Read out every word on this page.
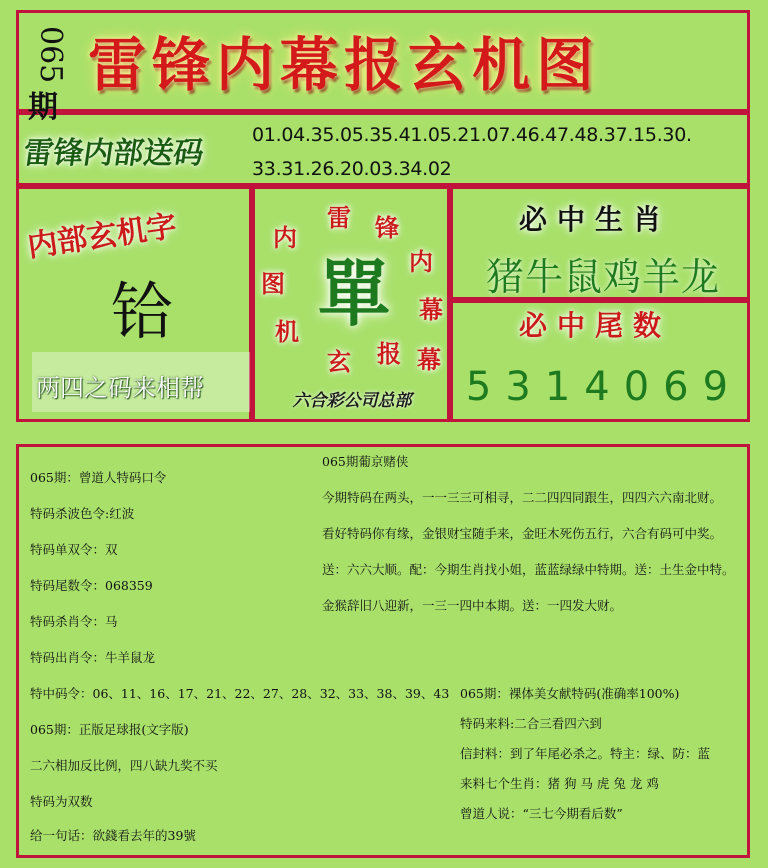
065
期
雷锋内幕报玄机图
雷锋内部送码
01.04.35.05.35.41.05.21.07.46.47.48.37.15.30.
33.31.26.20.03.34.02
内部玄机字
铪
两四之码来相帮
雷 锋
内
幕
报
玄
机
图
内
幕
單
六合彩公司总部
必中生肖
猪牛鼠鸡羊龙
必中尾数
5314069
065期：曾道人特码口令
特码杀波色令:红波
特码单双令：双
特码尾数令：068359
特码杀肖令：马
特码出肖令：牛羊鼠龙
特中码令：06、11、16、17、21、22、27、28、32、33、38、39、43
065期：正版足球报(文字版)
二六相加反比例，四八缺九奖不买
特码为双数
给一句话：欲錢看去年的39號
065期葡京赌侠
今期特码在两头，一一三三可相寻，二二四四同跟生，四四六六南北财。
看好特码你有缘，金银财宝随手来，金旺木死伤五行，六合有码可中奖。
送：六六大顺。配：今期生肖找小姐，蓝蓝绿绿中特期。送：土生金中特。
金猴辞旧八迎新，一三一四中本期。送：一四发大财。
065期：裸体美女献特码(准确率100%)
特码来料:二合三看四六到
信封料：到了年尾必杀之。特主：绿、防：蓝
来料七个生肖：猪 狗 马 虎 兔 龙 鸡
曾道人说：“三七今期看后数”
